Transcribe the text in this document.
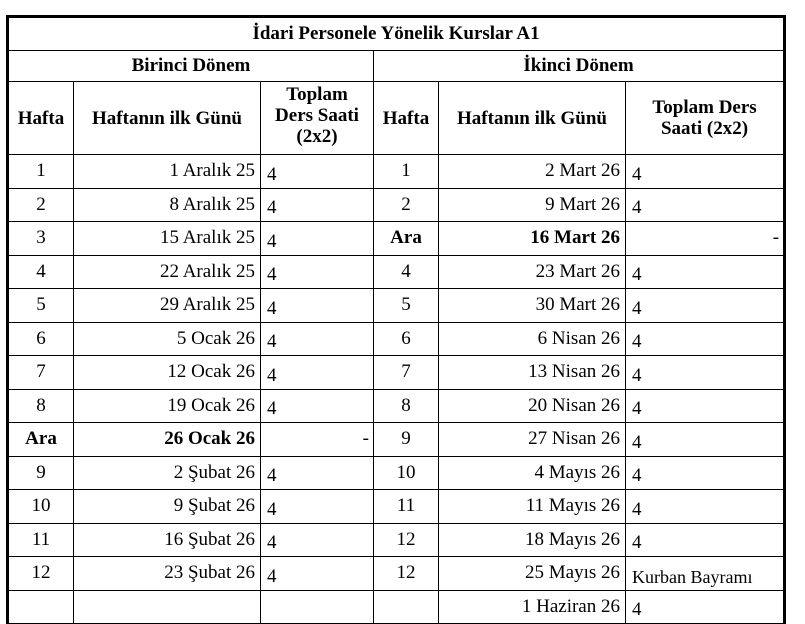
İdari Personele Yönelik Kurslar A1					
Birinci Dönem			İkinci Dönem		
Hafta	Haftanın ilk Günü	Toplam Ders Saati (2x2)	Hafta	Haftanın ilk Günü	Toplam Ders Saati (2x2)
1	1 Aralık 25	4	1	2 Mart 26	4
2	8 Aralık 25	4	2	9 Mart 26	4
3	15 Aralık 25	4	Ara	16 Mart 26	-
4	22 Aralık 25	4	4	23 Mart 26	4
5	29 Aralık 25	4	5	30 Mart 26	4
6	5 Ocak 26	4	6	6 Nisan 26	4
7	12 Ocak 26	4	7	13 Nisan 26	4
8	19 Ocak 26	4	8	20 Nisan 26	4
Ara	26 Ocak 26	-	9	27 Nisan 26	4
9	2 Şubat 26	4	10	4 Mayıs 26	4
10	9 Şubat 26	4	11	11 Mayıs 26	4
11	16 Şubat 26	4	12	18 Mayıs 26	4
12	23 Şubat 26	4	12	25 Mayıs 26	Kurban Bayramı
				1 Haziran 26	4
